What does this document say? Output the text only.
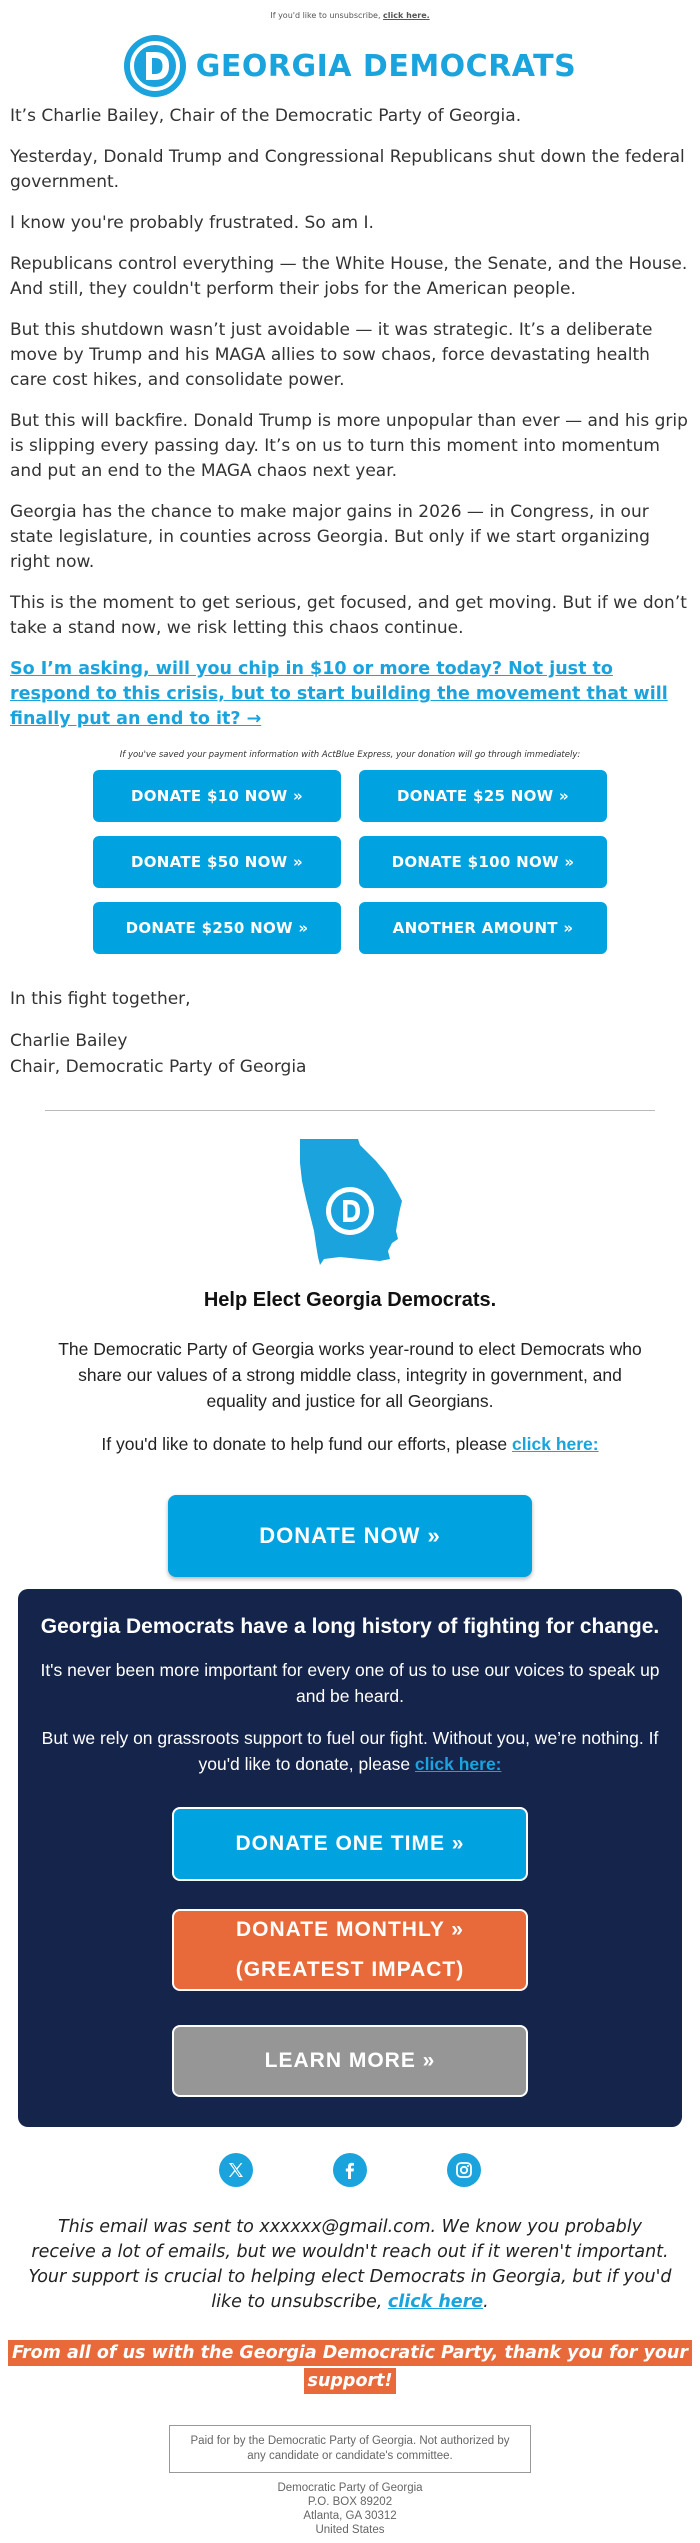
If you'd like to unsubscribe, click here.
GEORGIA DEMOCRATS

It’s Charlie Bailey, Chair of the Democratic Party of Georgia.

Yesterday, Donald Trump and Congressional Republicans shut down the federal government.

I know you're probably frustrated. So am I.

Republicans control everything — the White House, the Senate, and the House. And still, they couldn't perform their jobs for the American people.

But this shutdown wasn’t just avoidable — it was strategic. It’s a deliberate move by Trump and his MAGA allies to sow chaos, force devastating health care cost hikes, and consolidate power.

But this will backfire. Donald Trump is more unpopular than ever — and his grip is slipping every passing day. It’s on us to turn this moment into momentum and put an end to the MAGA chaos next year.

Georgia has the chance to make major gains in 2026 — in Congress, in our state legislature, in counties across Georgia. But only if we start organizing right now.

This is the moment to get serious, get focused, and get moving. But if we don’t take a stand now, we risk letting this chaos continue.

So I’m asking, will you chip in $10 or more today? Not just to respond to this crisis, but to start building the movement that will finally put an end to it? →
If you've saved your payment information with ActBlue Express, your donation will go through immediately:
DONATE $10 NOW »	DONATE $25 NOW »
DONATE $50 NOW »	DONATE $100 NOW »
DONATE $250 NOW »	ANOTHER AMOUNT »

In this fight together,

Charlie Bailey
Chair, Democratic Party of Georgia
Help Elect Georgia Democrats.
The Democratic Party of Georgia works year-round to elect Democrats who share our values of a strong middle class, integrity in government, and equality and justice for all Georgians.
If you'd like to donate to help fund our efforts, please click here:
DONATE NOW »
Georgia Democrats have a long history of fighting for change.

It's never been more important for every one of us to use our voices to speak up and be heard.

But we rely on grassroots support to fuel our fight. Without you, we’re nothing. If you'd like to donate, please click here:

DONATE ONE TIME »
DONATE MONTHLY »
(GREATEST IMPACT)
LEARN MORE »
This email was sent to xxxxxx@gmail.com. We know you probably receive a lot of emails, but we wouldn't reach out if it weren't important. Your support is crucial to helping elect Democrats in Georgia, but if you'd like to unsubscribe, click here.
From all of us with the Georgia Democratic Party, thank you for your support!
Paid for by the Democratic Party of Georgia. Not authorized by any candidate or candidate's committee.
Democratic Party of Georgia
P.O. BOX 89202
Atlanta, GA 30312
United States
